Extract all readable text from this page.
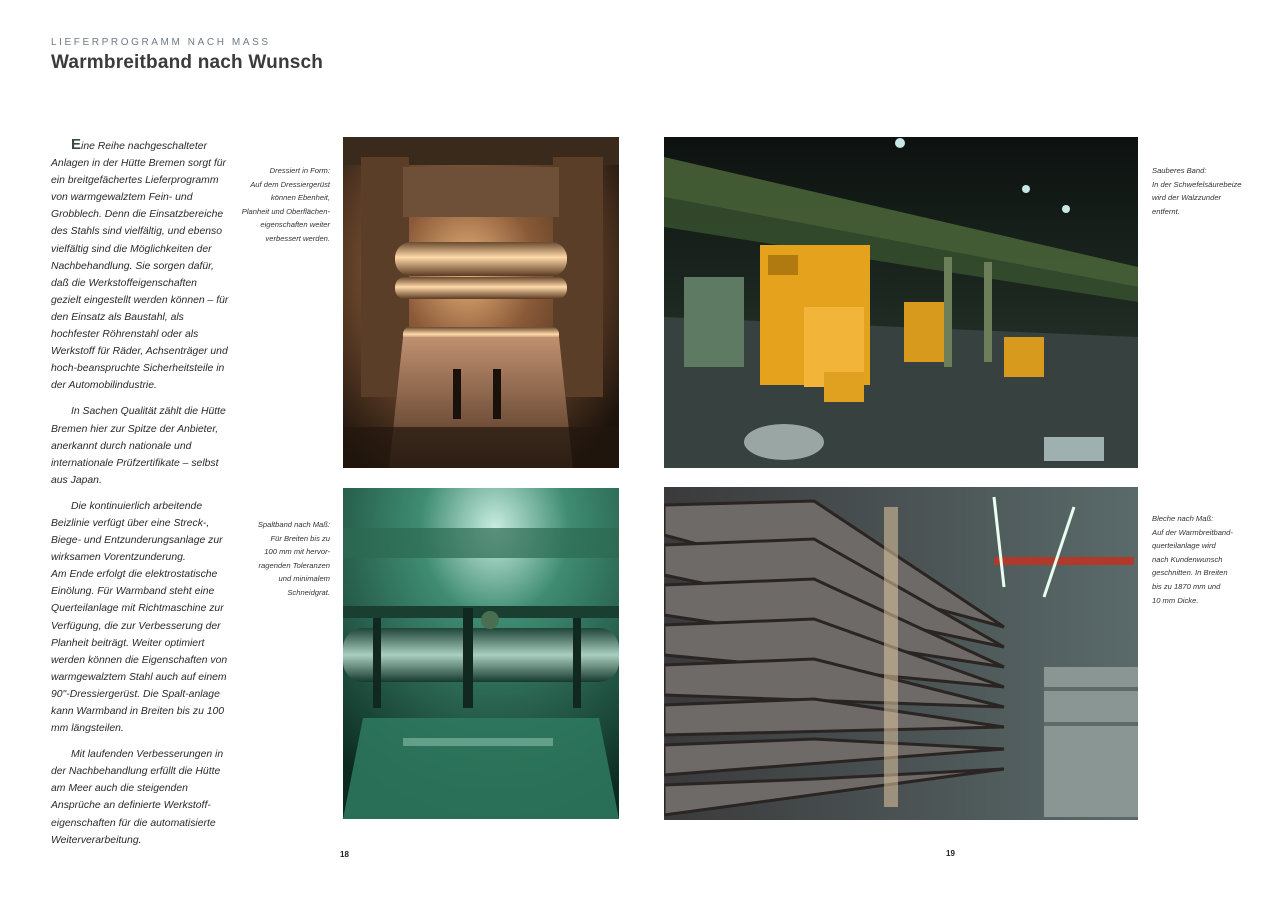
LIEFERPROGRAMM NACH MASS
Warmbreitband nach Wunsch

Eine Reihe nachgeschalteter Anlagen in der Hütte Bremen sorgt für ein breitgefächertes Lieferprogramm von warmgewalztem Fein- und Grobblech. Denn die Einsatzbereiche des Stahls sind vielfältig, und ebenso vielfältig sind die Möglichkeiten der Nachbehandlung. Sie sorgen dafür, daß die Werkstoffeigenschaften gezielt eingestellt werden können – für den Einsatz als Baustahl, als hochfester Röhrenstahl oder als Werkstoff für Räder, Achsenträger und hoch-beanspruchte Sicherheitsteile in der Automobilindustrie.

In Sachen Qualität zählt die Hütte Bremen hier zur Spitze der Anbieter, anerkannt durch nationale und internationale Prüfzertifikate – selbst aus Japan.

Die kontinuierlich arbeitende Beizlinie verfügt über eine Streck-, Biege- und Entzunderungsanlage zur wirksamen Vorentzunderung.

Am Ende erfolgt die elektrostatische Einölung. Für Warmband steht eine Querteilanlage mit Richtmaschine zur Verfügung, die zur Verbesserung der Planheit beiträgt. Weiter optimiert werden können die Eigenschaften von warmgewalztem Stahl auch auf einem 90"-Dressiergerüst. Die Spalt-anlage kann Warmband in Breiten bis zu 100 mm längsteilen.

Mit laufenden Verbesserungen in der Nachbehandlung erfüllt die Hütte am Meer auch die steigenden Ansprüche an definierte Werkstoff-eigenschaften für die automatisierte Weiterverarbeitung.

Dressiert in Form:
Auf dem Dressiergerüst
können Ebenheit,
Planheit und Oberflächen-
eigenschaften weiter
verbessert werden.
Spaltband nach Maß:
Für Breiten bis zu
100 mm mit hervor-
ragenden Toleranzen
und minimalem
Schneidgrat.
Sauberes Band:
In der Schwefelsäurebeize
wird der Walzzunder
entfernt.
Bleche nach Maß:
Auf der Warmbreitband-
querteilanlage wird
nach Kundenwunsch
geschnitten. In Breiten
bis zu 1870 mm und
10 mm Dicke.
18	19
